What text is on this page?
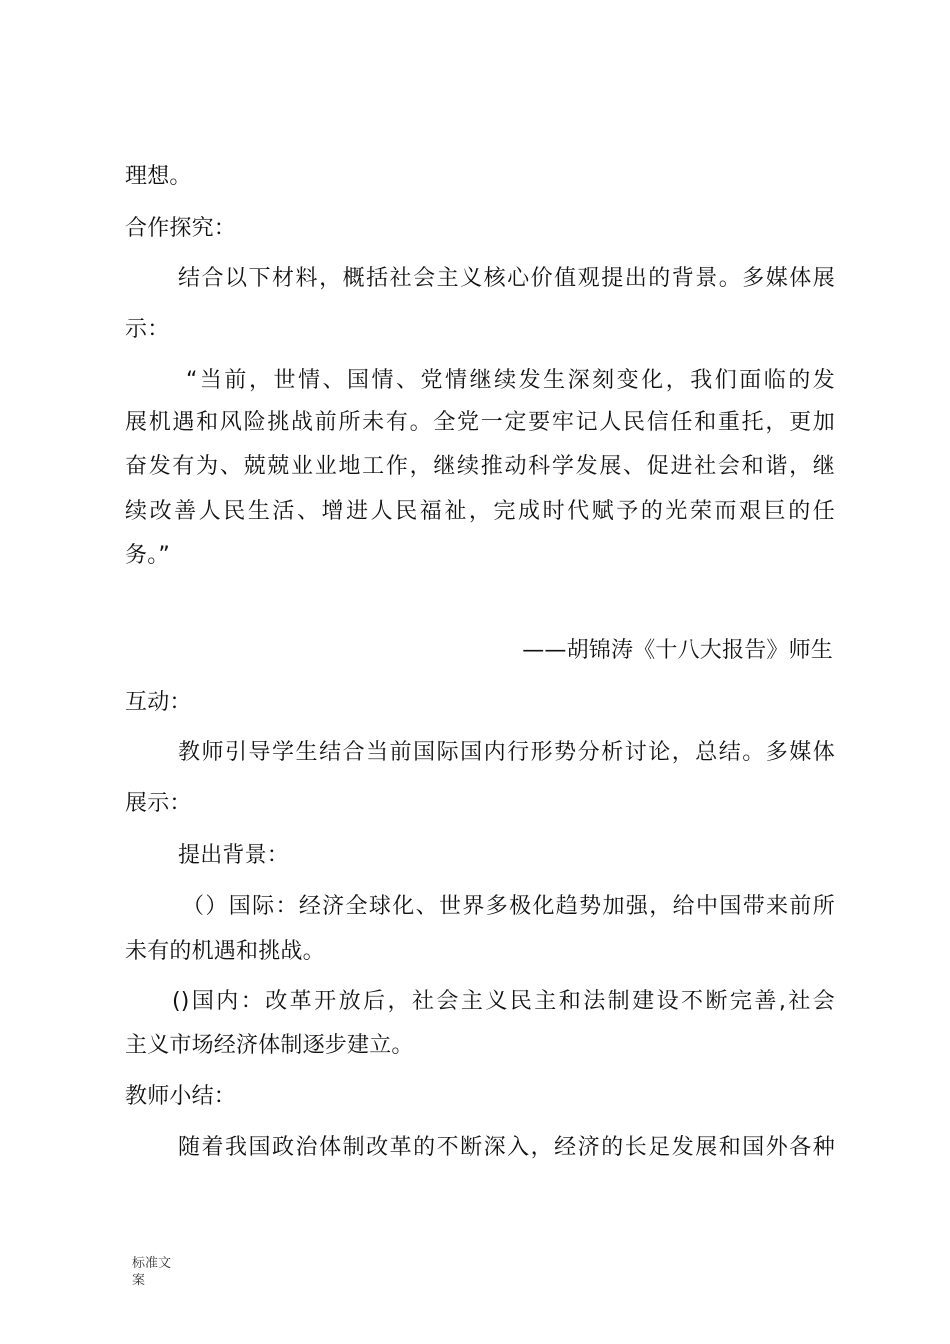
理想。
合作探究：
结合以下材料，概括社会主义核心价值观提出的背景。多媒体展
示：
“当前，世情、国情、党情继续发生深刻变化，我们面临的发
展机遇和风险挑战前所未有。全党一定要牢记人民信任和重托，更加
奋发有为、兢兢业业地工作，继续推动科学发展、促进社会和谐，继
续改善人民生活、增进人民福祉，完成时代赋予的光荣而艰巨的任
务。”
——胡锦涛《十八大报告》师生
互动：
教师引导学生结合当前国际国内行形势分析讨论，总结。多媒体
展示：
提出背景：
（）国际：经济全球化、世界多极化趋势加强，给中国带来前所
未有的机遇和挑战。
()国内：改革开放后，社会主义民主和法制建设不断完善,社会
主义市场经济体制逐步建立。
教师小结：
随着我国政治体制改革的不断深入，经济的长足发展和国外各种
标准文
案
